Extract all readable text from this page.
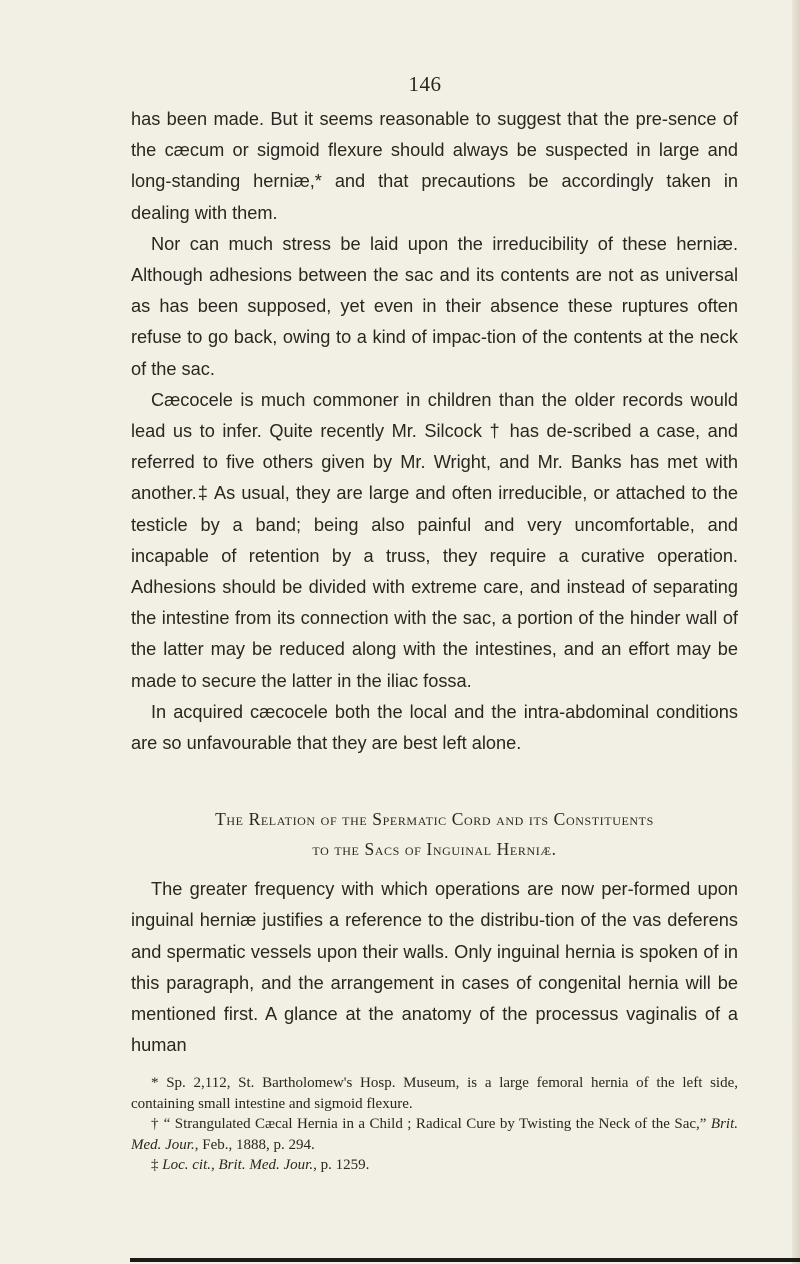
146

has been made. But it seems reasonable to suggest that the pre-sence of the cæcum or sigmoid flexure should always be suspected in large and long-standing herniæ,* and that precautions be accordingly taken in dealing with them.

Nor can much stress be laid upon the irreducibility of these herniæ. Although adhesions between the sac and its contents are not as universal as has been supposed, yet even in their absence these ruptures often refuse to go back, owing to a kind of impac-tion of the contents at the neck of the sac.

Cæcocele is much commoner in children than the older records would lead us to infer. Quite recently Mr. Silcock † has de-scribed a case, and referred to five others given by Mr. Wright, and Mr. Banks has met with another.‡ As usual, they are large and often irreducible, or attached to the testicle by a band; being also painful and very uncomfortable, and incapable of retention by a truss, they require a curative operation. Adhesions should be divided with extreme care, and instead of separating the intestine from its connection with the sac, a portion of the hinder wall of the latter may be reduced along with the intestines, and an effort may be made to secure the latter in the iliac fossa.

In acquired cæcocele both the local and the intra-abdominal conditions are so unfavourable that they are best left alone.

The Relation of the Spermatic Cord and its Constituents
to the Sacs of Inguinal Herniæ.

The greater frequency with which operations are now per-formed upon inguinal herniæ justifies a reference to the distribu-tion of the vas deferens and spermatic vessels upon their walls. Only inguinal hernia is spoken of in this paragraph, and the arrangement in cases of congenital hernia will be mentioned first. A glance at the anatomy of the processus vaginalis of a human

* Sp. 2,112, St. Bartholomew's Hosp. Museum, is a large femoral hernia of the left side, containing small intestine and sigmoid flexure.
† “ Strangulated Cæcal Hernia in a Child ; Radical Cure by Twisting the Neck of the Sac,” Brit. Med. Jour., Feb., 1888, p. 294.
‡ Loc. cit., Brit. Med. Jour., p. 1259.
